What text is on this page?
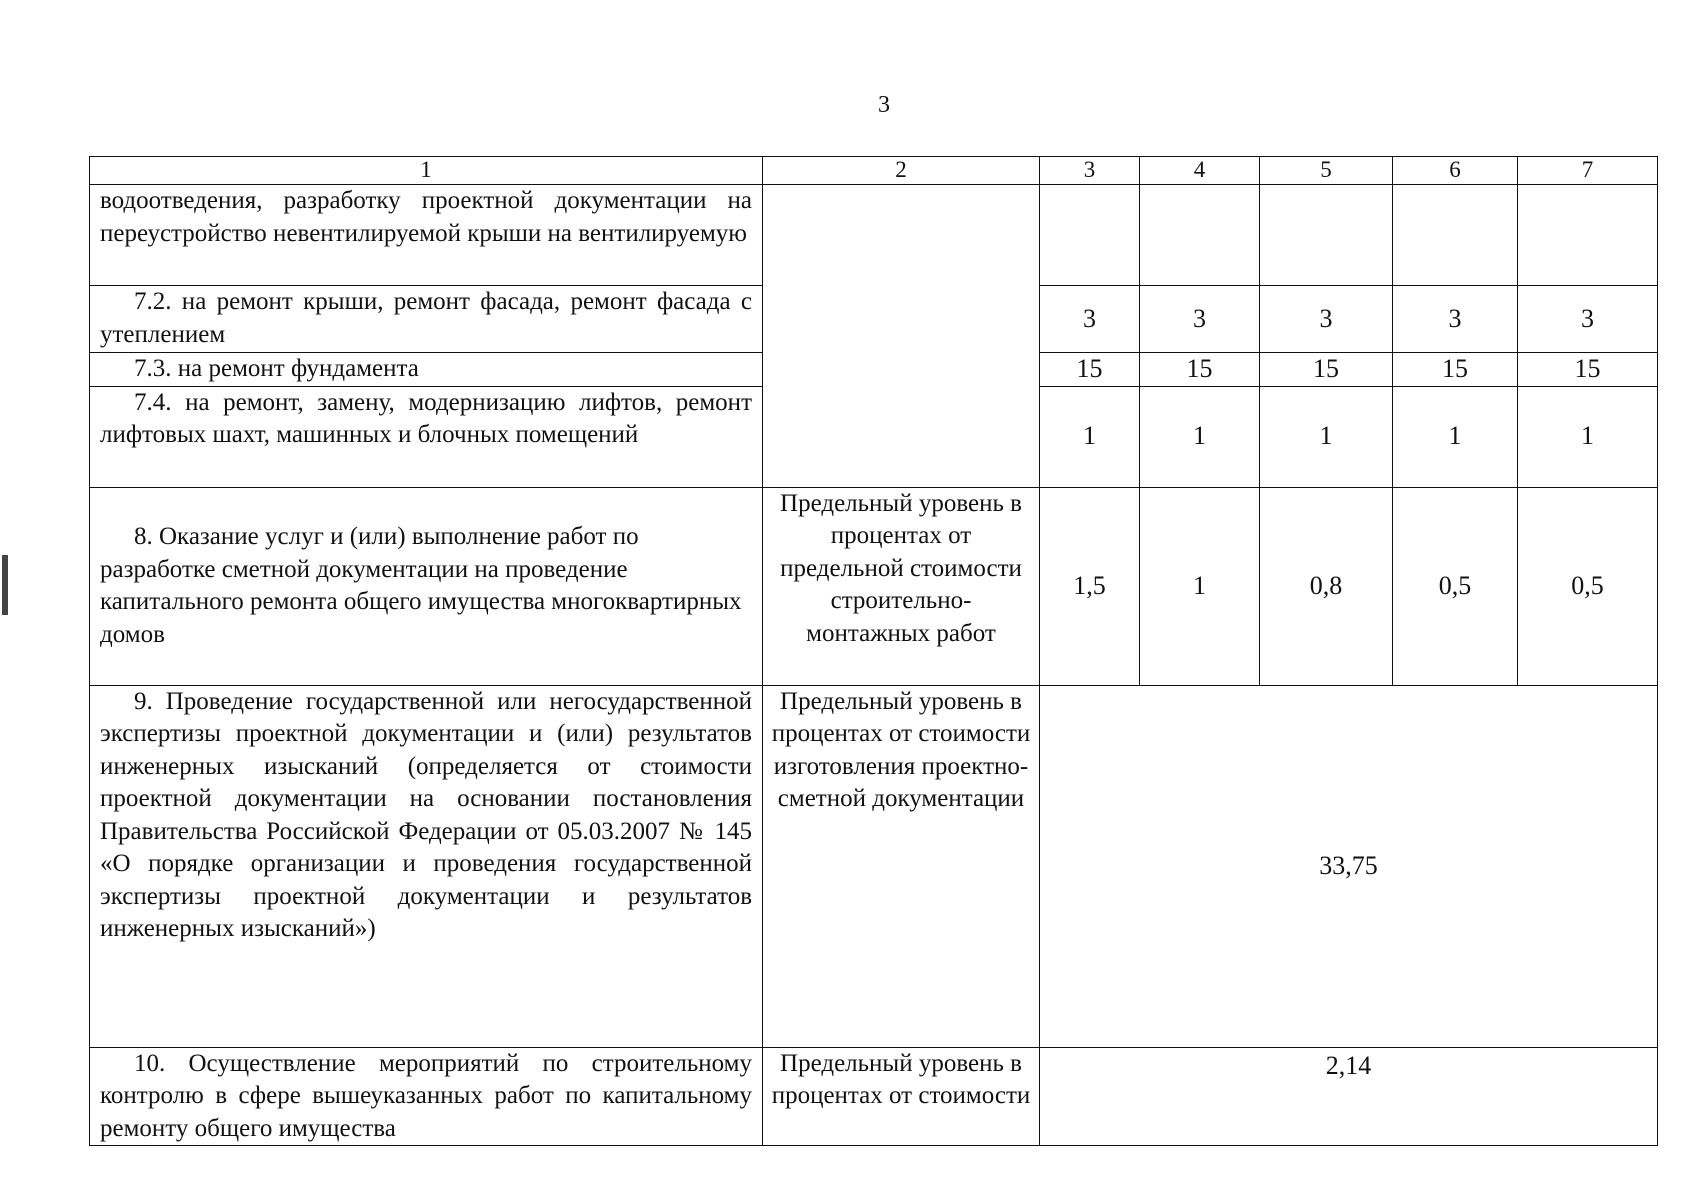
3
1	2	3	4	5	6	7
водоотведения, разработку проектной документации на переустройство невентилируемой крыши на вентилируемую						
7.2. на ремонт крыши, ремонт фасада, ремонт фасада с утеплением		3	3	3	3	3
7.3. на ремонт фундамента		15	15	15	15	15
7.4. на ремонт, замену, модернизацию лифтов, ремонт лифтовых шахт, машинных и блочных помещений		1	1	1	1	1
8. Оказание услуг и (или) выполнение работ по разработке сметной документации на проведение капитального ремонта общего имущества многоквартирных домов	Предельный уровень в процентах от предельной стоимости строительно-монтажных работ	1,5	1	0,8	0,5	0,5
9. Проведение государственной или негосударственной экспертизы проектной документации и (или) результатов инженерных изысканий (определяется от стоимости проектной документации на основании постановления Правительства Российской Федерации от 05.03.2007 № 145 «О порядке организации и проведения государственной экспертизы проектной документации и результатов инженерных изысканий»)	Предельный уровень в процентах от стоимости изготовления проектно-сметной документации	33,75				
10. Осуществление мероприятий по строительному контролю в сфере вышеуказанных работ по капитальному ремонту общего имущества	Предельный уровень в процентах от стоимости	2,14				
